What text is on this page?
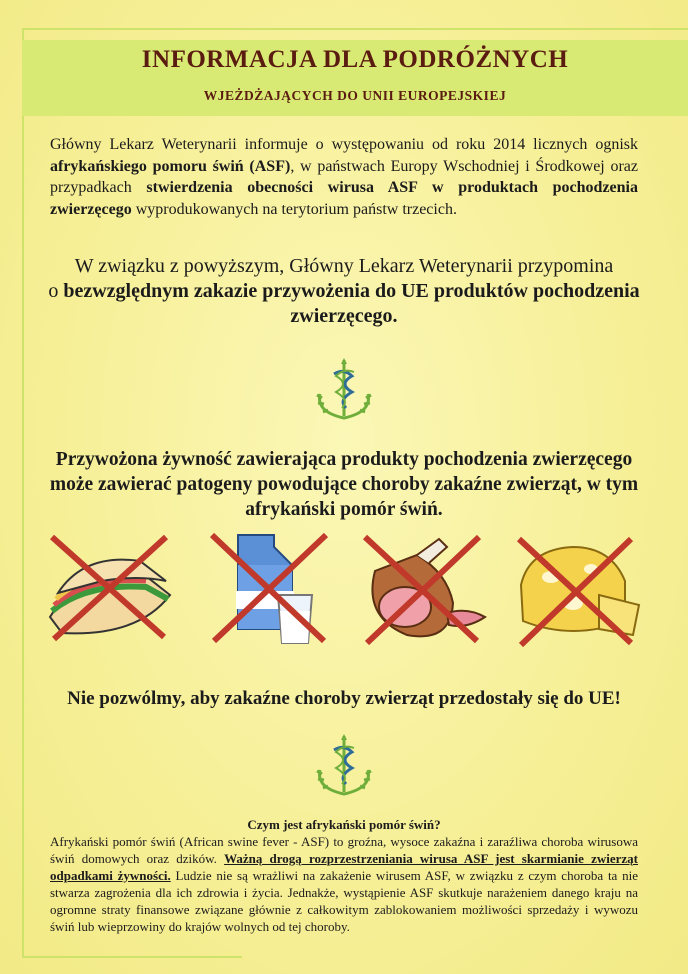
INFORMACJA DLA PODRÓŻNYCH
WJEŻDŻAJĄCYCH DO UNII EUROPEJSKIEJ
Główny Lekarz Weterynarii informuje o występowaniu od roku 2014 licznych ognisk afrykańskiego pomoru świń (ASF), w państwach Europy Wschodniej i Środkowej oraz przypadkach stwierdzenia obecności wirusa ASF w produktach pochodzenia zwierzęcego wyprodukowanych na terytorium państw trzecich.
W związku z powyższym, Główny Lekarz Weterynarii przypomina
o bezwzględnym zakazie przywożenia do UE produktów pochodzenia zwierzęcego.
Przywożona żywność zawierająca produkty pochodzenia zwierzęcego może zawierać patogeny powodujące choroby zakaźne zwierząt, w tym afrykański pomór świń.
Nie pozwólmy, aby zakaźne choroby zwierząt przedostały się do UE!
Czym jest afrykański pomór świń?
Afrykański pomór świń (African swine fever - ASF) to groźna, wysoce zakaźna i zaraźliwa choroba wirusowa świń domowych oraz dzików. Ważną drogą rozprzestrzeniania wirusa ASF jest skarmianie zwierząt odpadkami żywności. Ludzie nie są wrażliwi na zakażenie wirusem ASF, w związku z czym choroba ta nie stwarza zagrożenia dla ich zdrowia i życia. Jednakże, wystąpienie ASF skutkuje narażeniem danego kraju na ogromne straty finansowe związane głównie z całkowitym zablokowaniem możliwości sprzedaży i wywozu świń lub wieprzowiny do krajów wolnych od tej choroby.
